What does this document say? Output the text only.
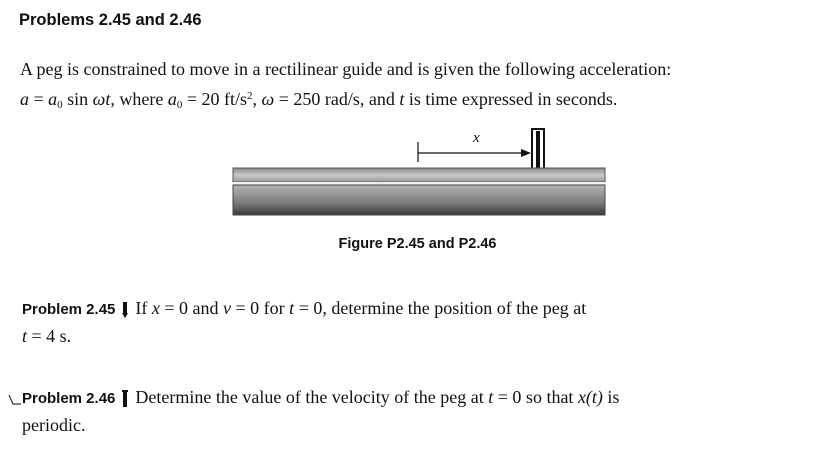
Problems 2.45 and 2.46
A peg is constrained to move in a rectilinear guide and is given the following acceleration:
$a = a_0$ sin ωt, where $a_0 = 20$ $ft/s^2$, ω = 250 rad/s, and t is time expressed in seconds.
x
Figure P2.45 and P2.46
Problem 2.45 If x = 0 and v = 0 for t = 0, determine the position of the peg at
t = 4 s.
Problem 2.46 Determine the value of the velocity of the peg at t = 0 so that x(t) is
periodic.
